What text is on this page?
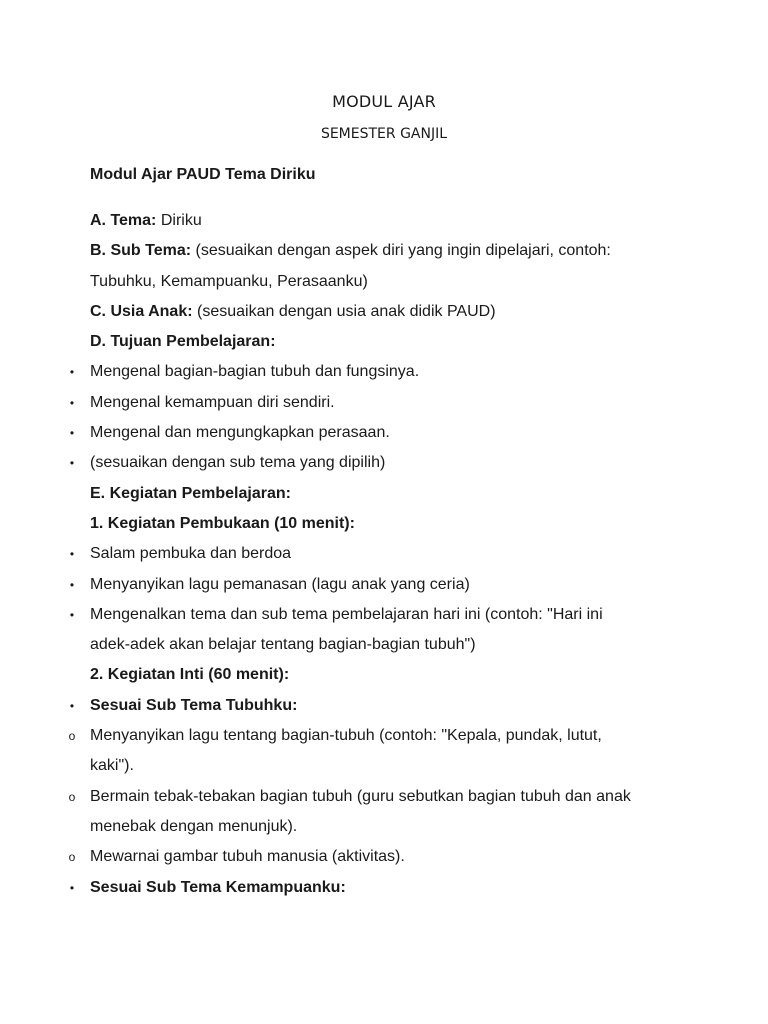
MODUL AJAR
SEMESTER GANJIL
Modul Ajar PAUD Tema Diriku
A. Tema: Diriku
B. Sub Tema: (sesuaikan dengan aspek diri yang ingin dipelajari, contoh:
Tubuhku, Kemampuanku, Perasaanku)
C. Usia Anak: (sesuaikan dengan usia anak didik PAUD)
D. Tujuan Pembelajaran:
• Mengenal bagian-bagian tubuh dan fungsinya.
• Mengenal kemampuan diri sendiri.
• Mengenal dan mengungkapkan perasaan.
• (sesuaikan dengan sub tema yang dipilih)
E. Kegiatan Pembelajaran:
1. Kegiatan Pembukaan (10 menit):
• Salam pembuka dan berdoa
• Menyanyikan lagu pemanasan (lagu anak yang ceria)
• Mengenalkan tema dan sub tema pembelajaran hari ini (contoh: "Hari ini
adek-adek akan belajar tentang bagian-bagian tubuh")
2. Kegiatan Inti (60 menit):
• Sesuai Sub Tema Tubuhku:
o Menyanyikan lagu tentang bagian-tubuh (contoh: "Kepala, pundak, lutut,
kaki").
o Bermain tebak-tebakan bagian tubuh (guru sebutkan bagian tubuh dan anak
menebak dengan menunjuk).
o Mewarnai gambar tubuh manusia (aktivitas).
• Sesuai Sub Tema Kemampuanku:
